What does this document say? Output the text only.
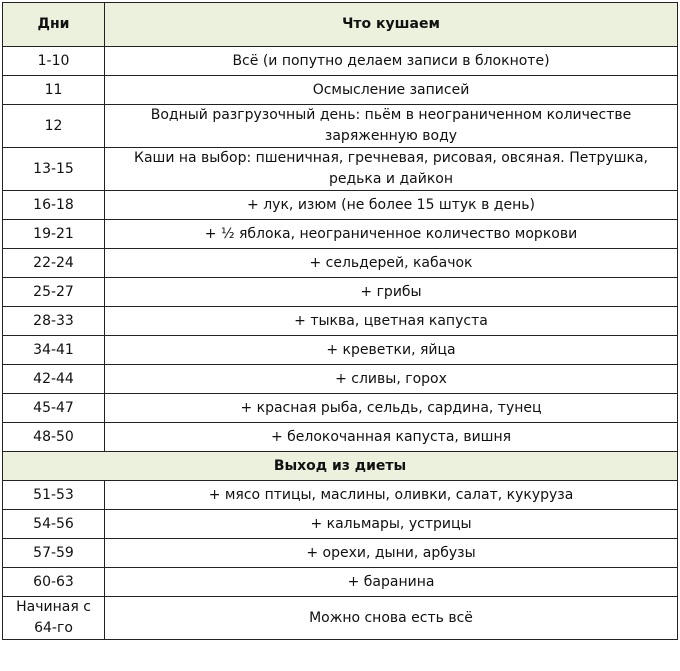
Дни	Что кушаем
1-10	Всё (и попутно делаем записи в блокноте)
11	Осмысление записей
12	Водный разгрузочный день: пьём в неограниченном количестве заряженную воду
13-15	Каши на выбор: пшеничная, гречневая, рисовая, овсяная. Петрушка, редька и дайкон
16-18	+ лук, изюм (не более 15 штук в день)
19-21	+ ½ яблока, неограниченное количество моркови
22-24	+ сельдерей, кабачок
25-27	+ грибы
28-33	+ тыква, цветная капуста
34-41	+ креветки, яйца
42-44	+ сливы, горох
45-47	+ красная рыба, сельдь, сардина, тунец
48-50	+ белокочанная капуста, вишня
Выход из диеты	
51-53	+ мясо птицы, маслины, оливки, салат, кукуруза
54-56	+ кальмары, устрицы
57-59	+ орехи, дыни, арбузы
60-63	+ баранина
Начиная с 64-го	Можно снова есть всё
